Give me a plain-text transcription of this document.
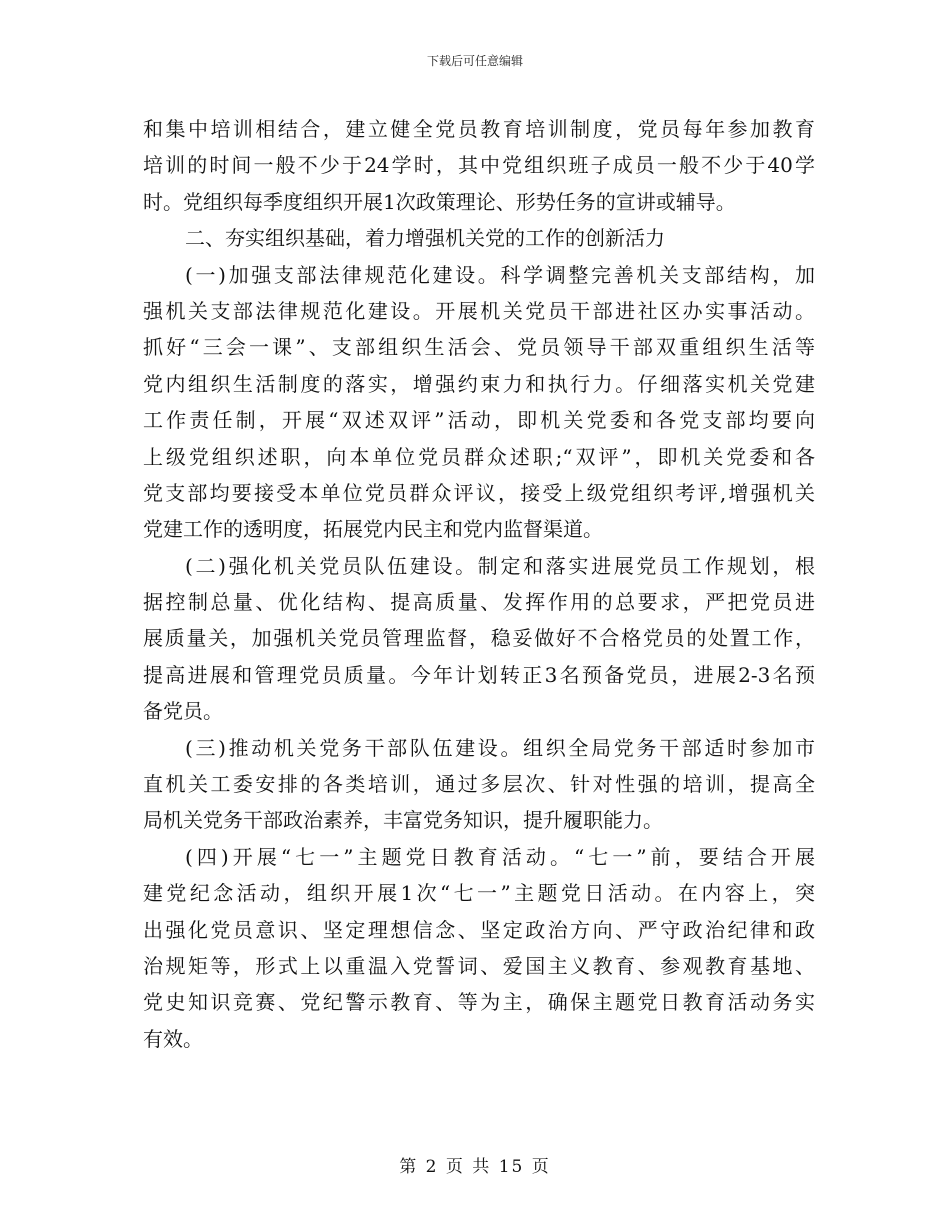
下载后可任意编辑
和集中培训相结合，建立健全党员教育培训制度，党员每年参加教育
培训的时间一般不少于24学时，其中党组织班子成员一般不少于40学
时。党组织每季度组织开展1次政策理论、形势任务的宣讲或辅导。
二、夯实组织基础，着力增强机关党的工作的创新活力
(一)加强支部法律规范化建设。科学调整完善机关支部结构，加
强机关支部法律规范化建设。开展机关党员干部进社区办实事活动。
抓好“三会一课”、支部组织生活会、党员领导干部双重组织生活等
党内组织生活制度的落实，增强约束力和执行力。仔细落实机关党建
工作责任制，开展“双述双评”活动，即机关党委和各党支部均要向
上级党组织述职，向本单位党员群众述职;“双评”，即机关党委和各
党支部均要接受本单位党员群众评议，接受上级党组织考评,增强机关
党建工作的透明度，拓展党内民主和党内监督渠道。
(二)强化机关党员队伍建设。制定和落实进展党员工作规划，根
据控制总量、优化结构、提高质量、发挥作用的总要求，严把党员进
展质量关，加强机关党员管理监督，稳妥做好不合格党员的处置工作，
提高进展和管理党员质量。今年计划转正3名预备党员，进展2-3名预
备党员。
(三)推动机关党务干部队伍建设。组织全局党务干部适时参加市
直机关工委安排的各类培训，通过多层次、针对性强的培训，提高全
局机关党务干部政治素养，丰富党务知识，提升履职能力。
(四)开展“七一”主题党日教育活动。“七一”前，要结合开展
建党纪念活动，组织开展1次“七一”主题党日活动。在内容上，突
出强化党员意识、坚定理想信念、坚定政治方向、严守政治纪律和政
治规矩等，形式上以重温入党誓词、爱国主义教育、参观教育基地、
党史知识竞赛、党纪警示教育、等为主，确保主题党日教育活动务实
有效。
第 2 页 共 15 页
